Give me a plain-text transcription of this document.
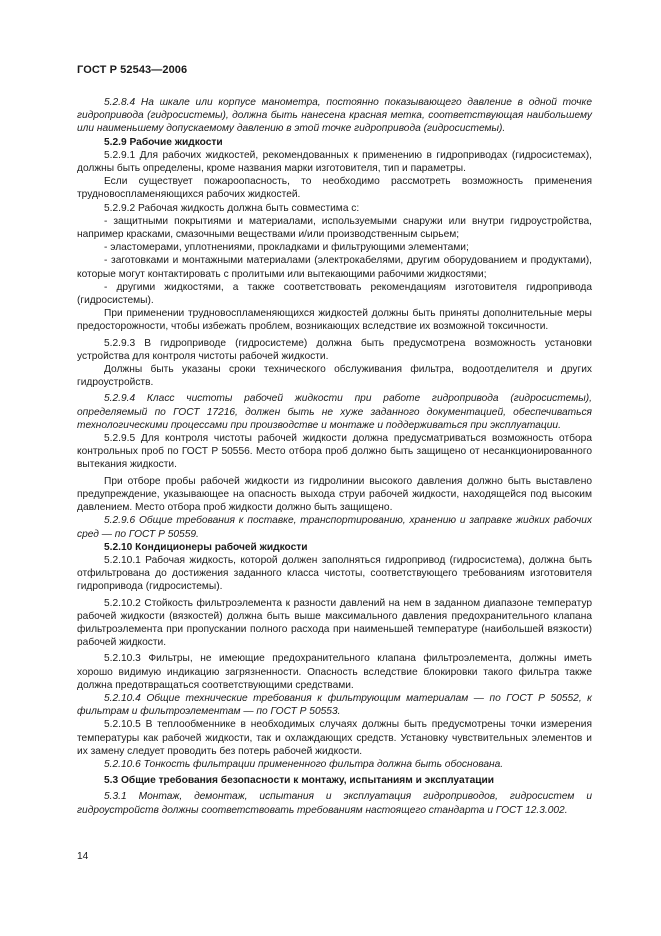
ГОСТ Р 52543—2006

5.2.8.4 На шкале или корпусе манометра, постоянно показывающего давление в одной точке гидропривода (гидросистемы), должна быть нанесена красная метка, соответствующая наибольшему или наименьшему допускаемому давлению в этой точке гидропривода (гидросистемы).

5.2.9 Рабочие жидкости

5.2.9.1 Для рабочих жидкостей, рекомендованных к применению в гидроприводах (гидросистемах), должны быть определены, кроме названия марки изготовителя, тип и параметры.

Если существует пожароопасность, то необходимо рассмотреть возможность применения трудновоспламеняющихся рабочих жидкостей.

5.2.9.2 Рабочая жидкость должна быть совместима с:

- защитными покрытиями и материалами, используемыми снаружи или внутри гидроустройства, например красками, смазочными веществами и/или производственным сырьем;

- эластомерами, уплотнениями, прокладками и фильтрующими элементами;

- заготовками и монтажными материалами (электрокабелями, другим оборудованием и продуктами), которые могут контактировать с пролитыми или вытекающими рабочими жидкостями;

- другими жидкостями, а также соответствовать рекомендациям изготовителя гидропривода (гидросистемы).

При применении трудновоспламеняющихся жидкостей должны быть приняты дополнительные меры предосторожности, чтобы избежать проблем, возникающих вследствие их возможной токсичности.

5.2.9.3 В гидроприводе (гидросистеме) должна быть предусмотрена возможность установки устройства для контроля чистоты рабочей жидкости.

Должны быть указаны сроки технического обслуживания фильтра, водоотделителя и других гидроустройств.

5.2.9.4 Класс чистоты рабочей жидкости при работе гидропривода (гидросистемы), определяемый по ГОСТ 17216, должен быть не хуже заданного документацией, обеспечиваться технологическими процессами при производстве и монтаже и поддерживаться при эксплуатации.

5.2.9.5 Для контроля чистоты рабочей жидкости должна предусматриваться возможность отбора контрольных проб по ГОСТ Р 50556. Место отбора проб должно быть защищено от несанкционированного вытекания жидкости.

При отборе пробы рабочей жидкости из гидролинии высокого давления должно быть выставлено предупреждение, указывающее на опасность выхода струи рабочей жидкости, находящейся под высоким давлением. Место отбора проб жидкости должно быть защищено.

5.2.9.6 Общие требования к поставке, транспортированию, хранению и заправке жидких рабочих сред — по ГОСТ Р 50559.

5.2.10 Кондиционеры рабочей жидкости

5.2.10.1 Рабочая жидкость, которой должен заполняться гидропривод (гидросистема), должна быть отфильтрована до достижения заданного класса чистоты, соответствующего требованиям изготовителя гидропривода (гидросистемы).

5.2.10.2 Стойкость фильтроэлемента к разности давлений на нем в заданном диапазоне температур рабочей жидкости (вязкостей) должна быть выше максимального давления предохранительного клапана фильтроэлемента при пропускании полного расхода при наименьшей температуре (наибольшей вязкости) рабочей жидкости.

5.2.10.3 Фильтры, не имеющие предохранительного клапана фильтроэлемента, должны иметь хорошо видимую индикацию загрязненности. Опасность вследствие блокировки такого фильтра также должна предотвращаться соответствующими средствами.

5.2.10.4 Общие технические требования к фильтрующим материалам — по ГОСТ Р 50552, к фильтрам и фильтроэлементам — по ГОСТ Р 50553.

5.2.10.5 В теплообменнике в необходимых случаях должны быть предусмотрены точки измерения температуры как рабочей жидкости, так и охлаждающих средств. Установку чувствительных элементов и их замену следует проводить без потерь рабочей жидкости.

5.2.10.6 Тонкость фильтрации примененного фильтра должна быть обоснована.

5.3 Общие требования безопасности к монтажу, испытаниям и эксплуатации

5.3.1 Монтаж, демонтаж, испытания и эксплуатация гидроприводов, гидросистем и гидроустройств должны соответствовать требованиям настоящего стандарта и ГОСТ 12.3.002.

14
